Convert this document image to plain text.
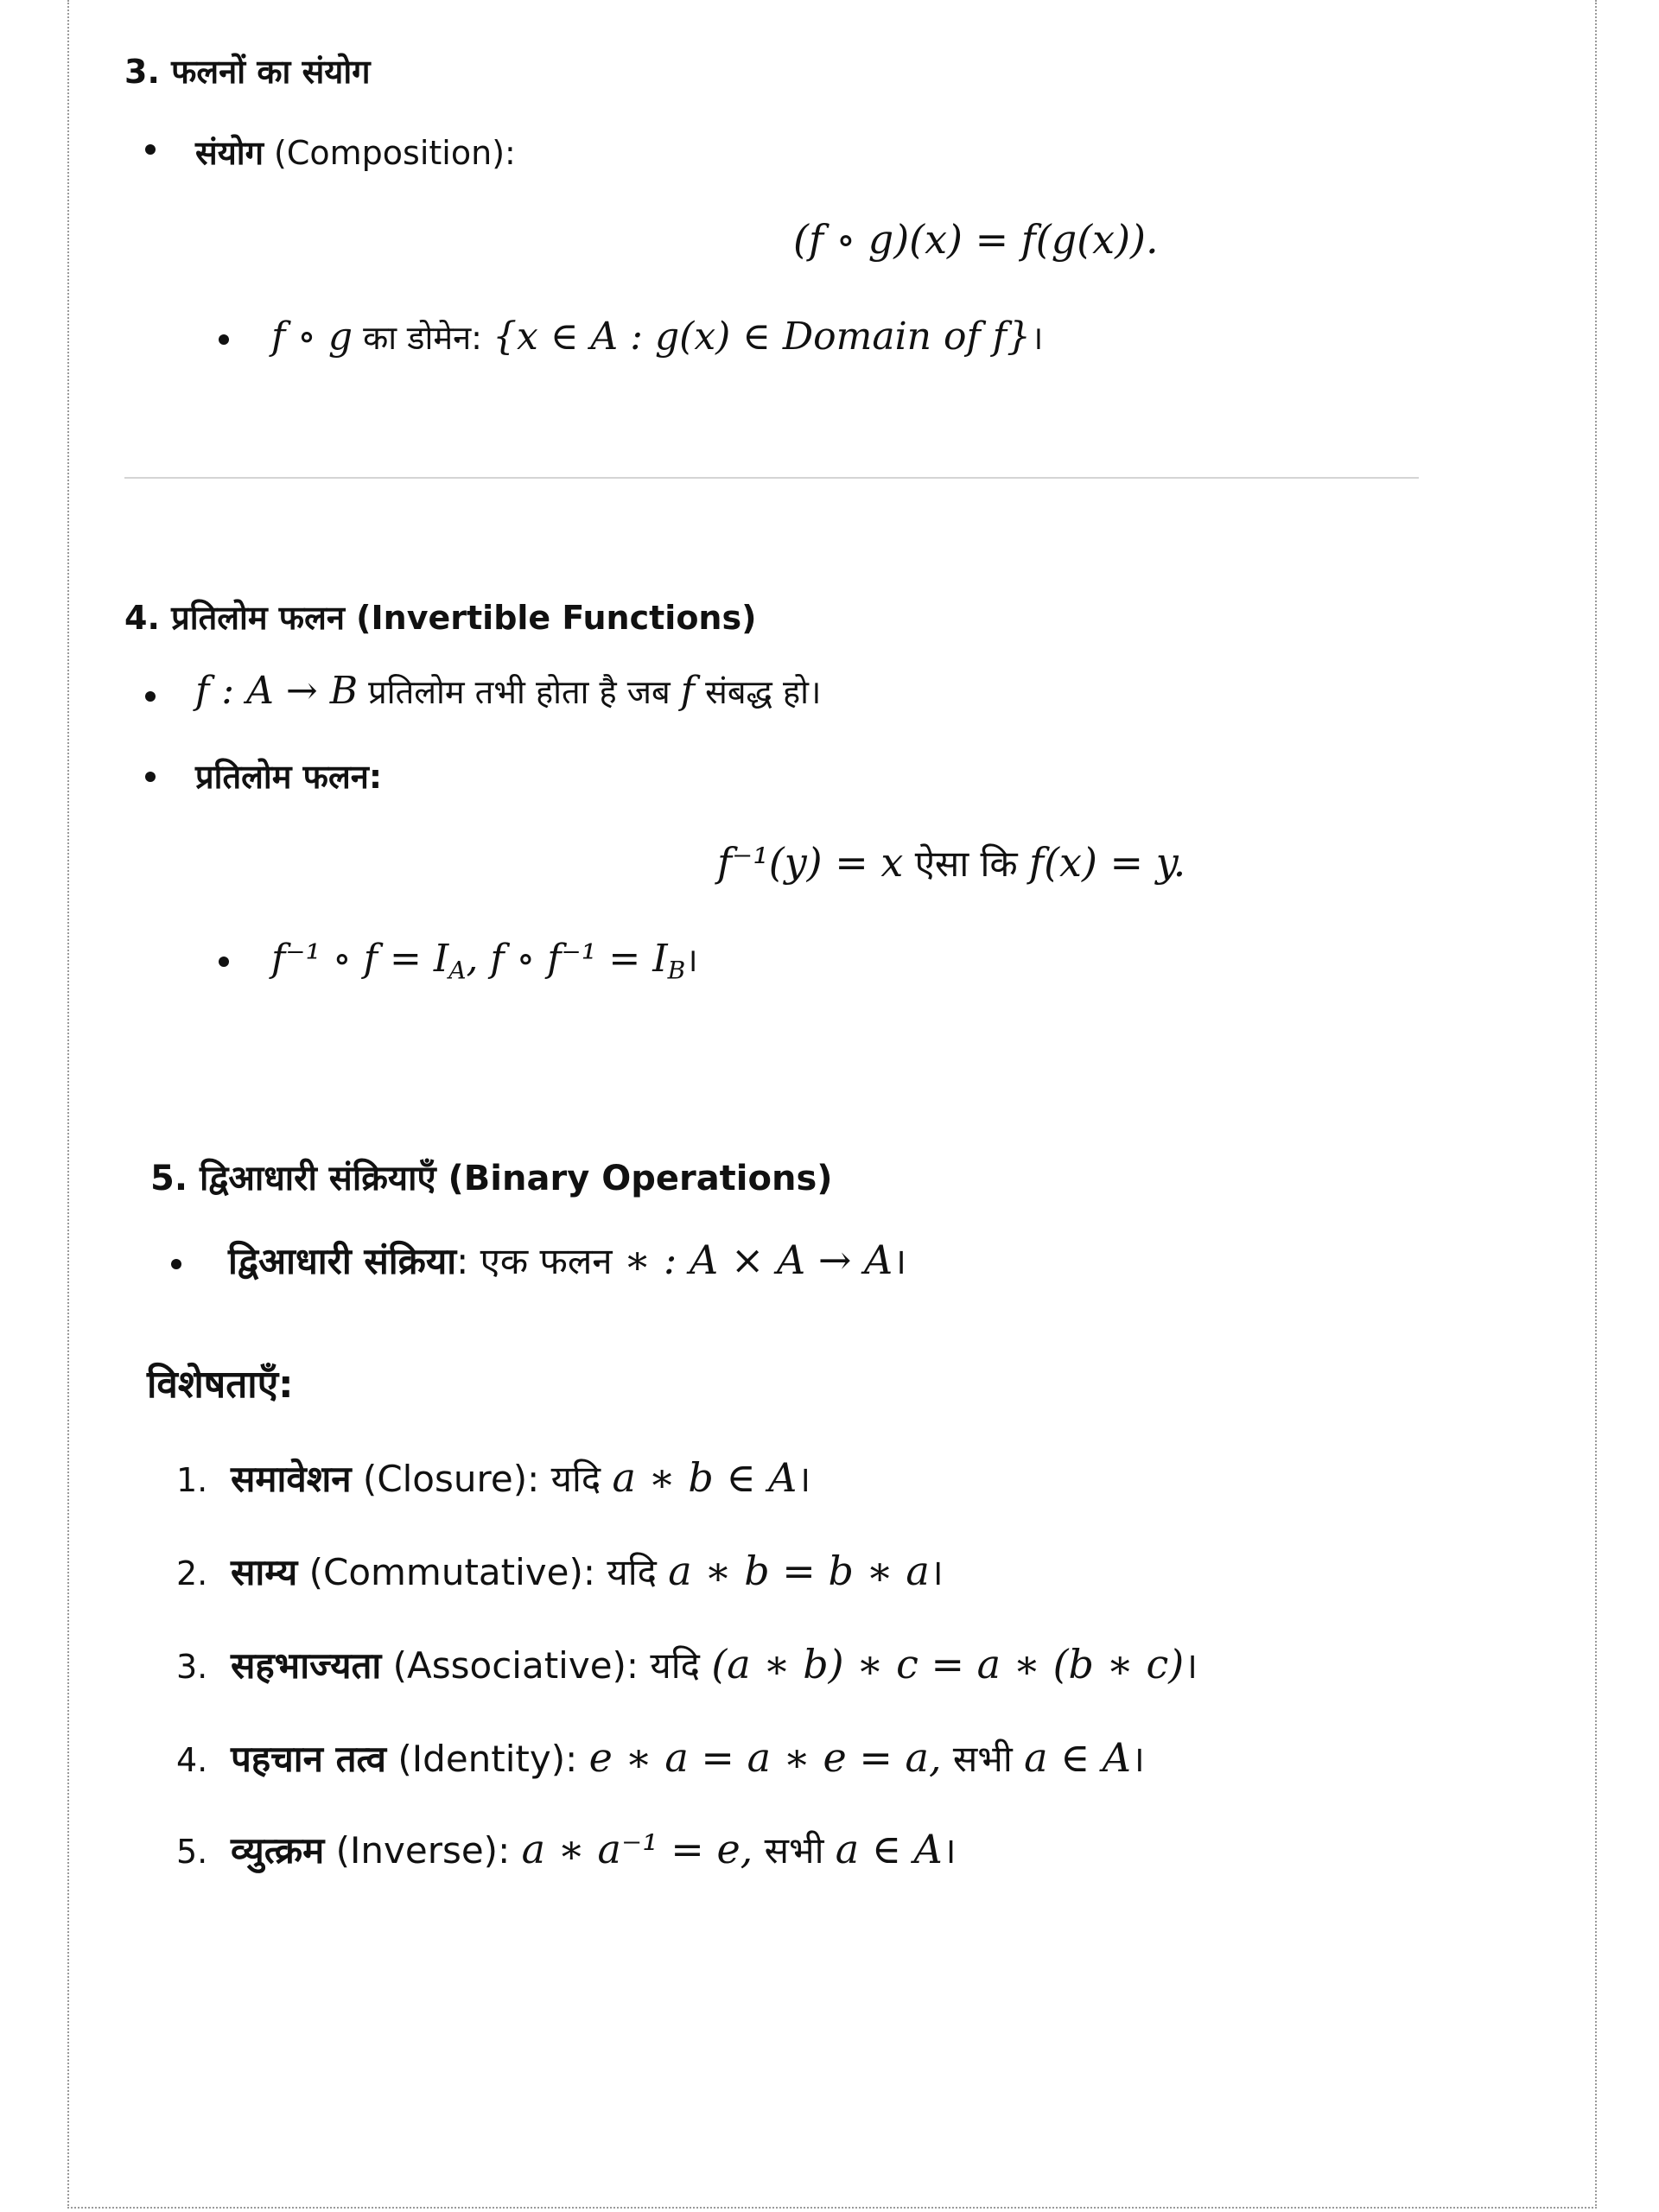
3. फलनों का संयोग
संयोग (Composition):
(f ∘ g)(x) = f(g(x)).
f ∘ g का डोमेन: {x ∈ A : g(x) ∈ Domain of f}।
4. प्रतिलोम फलन (Invertible Functions)
f : A → B प्रतिलोम तभी होता है जब f संबद्ध हो।
प्रतिलोम फलन:
f⁻¹(y) = x ऐसा कि f(x) = y.
f⁻¹ ∘ $f = I_A$, f ∘ $f^{-1} = I_B।$
5. द्विआधारी संक्रियाएँ (Binary Operations)
द्विआधारी संक्रिया: एक फलन ∗ : A × A → A।
विशेषताएँ:
1. समावेशन (Closure): यदि a ∗ b ∈ A।
2. साम्य (Commutative): यदि a ∗ b = b ∗ a।
3. सहभाज्यता (Associative): यदि (a ∗ b) ∗ c = a ∗ (b ∗ c)।
4. पहचान तत्व (Identity): e ∗ a = a ∗ e = a, सभी a ∈ A।
5. व्युत्क्रम (Inverse): a ∗ a⁻¹ = e, सभी a ∈ A।
